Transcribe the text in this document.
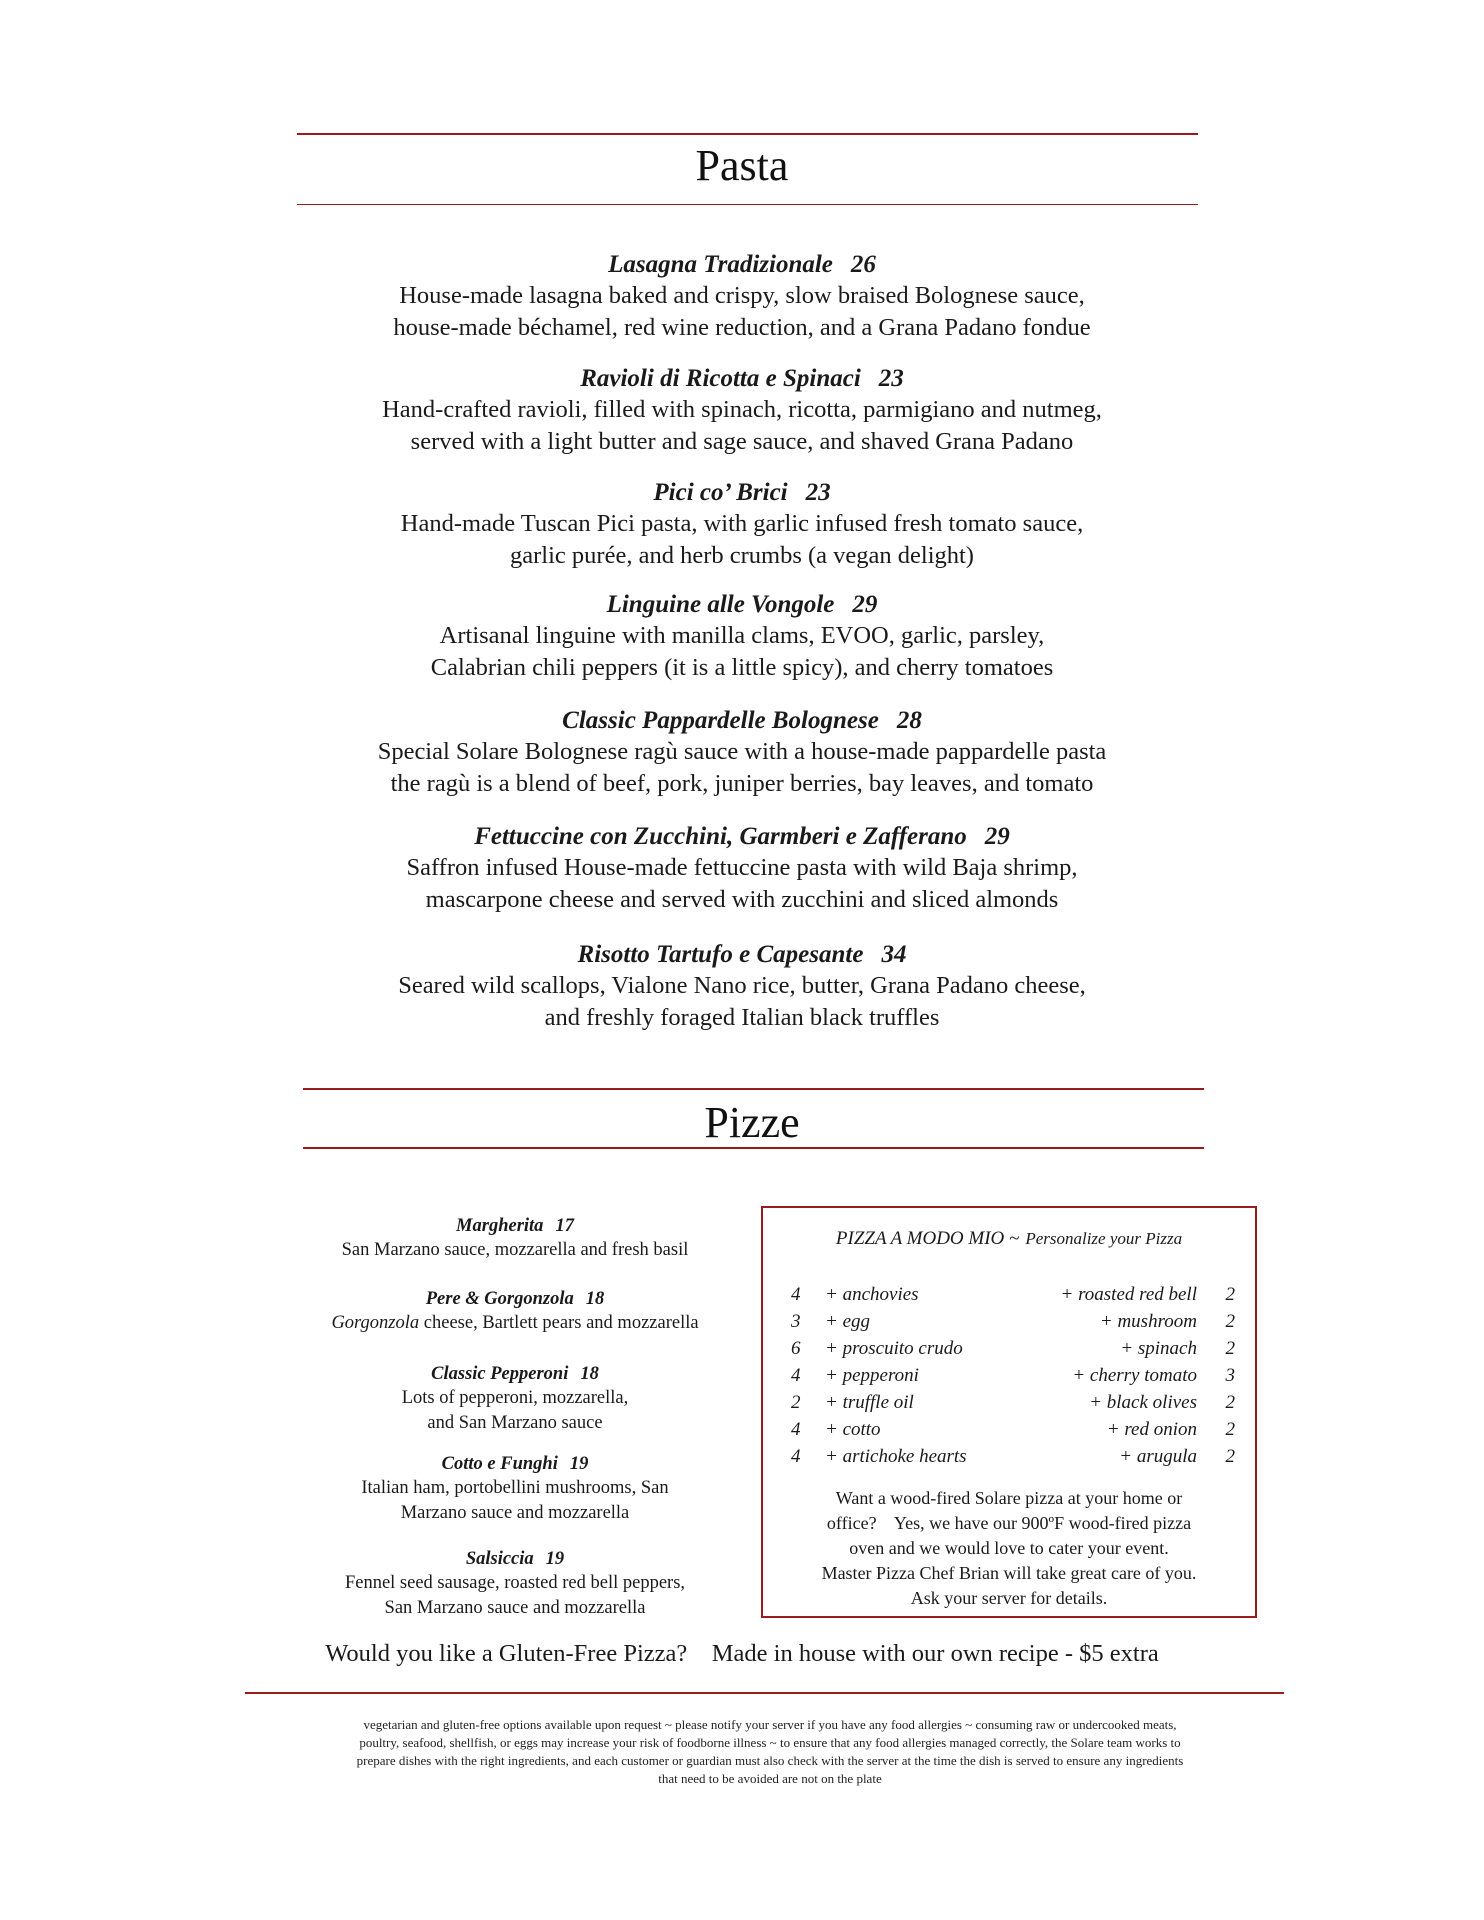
Pasta
Lasagna Tradizionale 26
House-made lasagna baked and crispy, slow braised Bolognese sauce,
house-made béchamel, red wine reduction, and a Grana Padano fondue
Ravioli di Ricotta e Spinaci 23
Hand-crafted ravioli, filled with spinach, ricotta, parmigiano and nutmeg,
served with a light butter and sage sauce, and shaved Grana Padano
Pici co’ Brici 23
Hand-made Tuscan Pici pasta, with garlic infused fresh tomato sauce,
garlic purée, and herb crumbs (a vegan delight)
Linguine alle Vongole 29
Artisanal linguine with manilla clams, EVOO, garlic, parsley,
Calabrian chili peppers (it is a little spicy), and cherry tomatoes
Classic Pappardelle Bolognese 28
Special Solare Bolognese ragù sauce with a house-made pappardelle pasta
the ragù is a blend of beef, pork, juniper berries, bay leaves, and tomato
Fettuccine con Zucchini, Garmberi e Zafferano 29
Saffron infused House-made fettuccine pasta with wild Baja shrimp,
mascarpone cheese and served with zucchini and sliced almonds
Risotto Tartufo e Capesante 34
Seared wild scallops, Vialone Nano rice, butter, Grana Padano cheese,
and freshly foraged Italian black truffles
Pizze
Margherita 17
San Marzano sauce, mozzarella and fresh basil
Pere & Gorgonzola 18
Gorgonzola cheese, Bartlett pears and mozzarella
Classic Pepperoni 18
Lots of pepperoni, mozzarella,
and San Marzano sauce
Cotto e Funghi 19
Italian ham, portobellini mushrooms, San
Marzano sauce and mozzarella
Salsiccia 19
Fennel seed sausage, roasted red bell peppers,
San Marzano sauce and mozzarella
PIZZA A MODO MIO ~ Personalize your Pizza
4	+ anchovies	+ roasted red bell	2
3	+ egg	+ mushroom	2
6	+ proscuito crudo	+ spinach	2
4	+ pepperoni	+ cherry tomato	3
2	+ truffle oil	+ black olives	2
4	+ cotto	+ red onion	2
4	+ artichoke hearts	+ arugula	2
Want a wood-fired Solare pizza at your home or
office?    Yes, we have our 900ºF wood-fired pizza
oven and we would love to cater your event.
Master Pizza Chef Brian will take great care of you.
Ask your server for details.
Would you like a Gluten-Free Pizza?    Made in house with our own recipe - $5 extra
vegetarian and gluten-free options available upon request ~ please notify your server if you have any food allergies ~ consuming raw or undercooked meats,
poultry, seafood, shellfish, or eggs may increase your risk of foodborne illness ~ to ensure that any food allergies managed correctly, the Solare team works to
prepare dishes with the right ingredients, and each customer or guardian must also check with the server at the time the dish is served to ensure any ingredients
that need to be avoided are not on the plate
